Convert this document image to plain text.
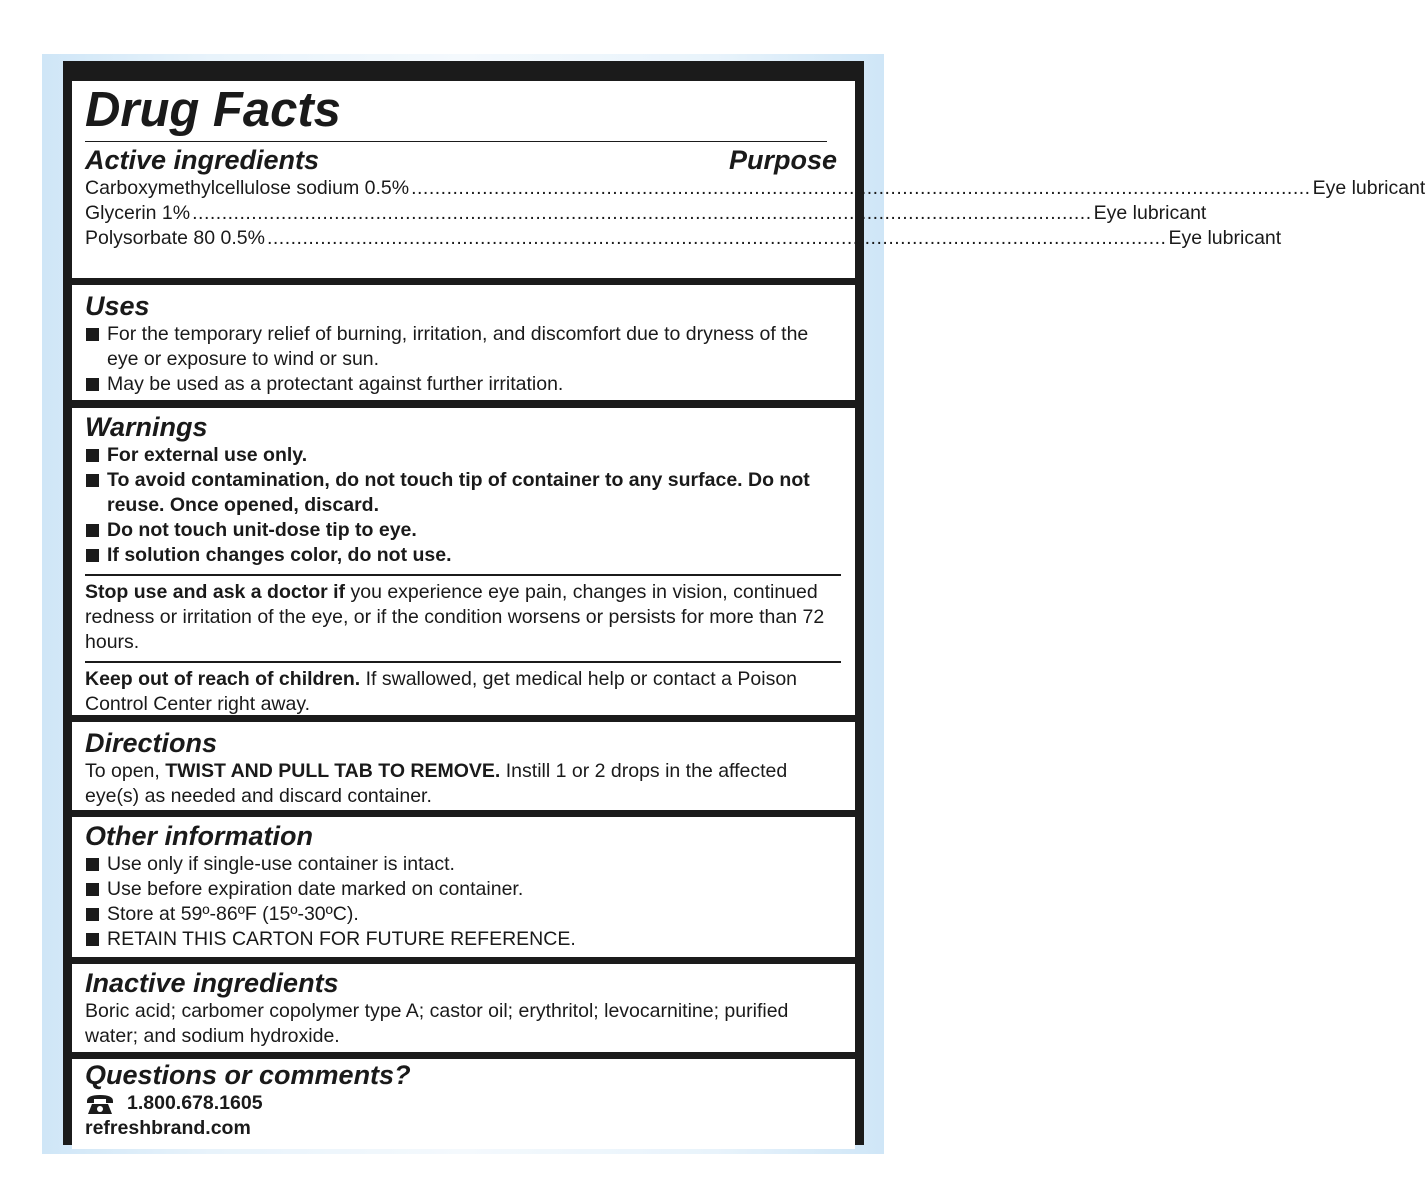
Drug Facts
Active ingredients	Purpose
Carboxymethylcellulose sodium 0.5% ........................................................................................................................................................ Eye lubricant
Glycerin 1% ........................................................................................................................................................ Eye lubricant
Polysorbate 80 0.5% ........................................................................................................................................................ Eye lubricant
Uses
For the temporary relief of burning, irritation, and discomfort due to dryness of the eye or exposure to wind or sun.
May be used as a protectant against further irritation.
Warnings
For external use only.
To avoid contamination, do not touch tip of container to any surface. Do not reuse. Once opened, discard.
Do not touch unit-dose tip to eye.
If solution changes color, do not use.
Stop use and ask a doctor if you experience eye pain, changes in vision, continued redness or irritation of the eye, or if the condition worsens or persists for more than 72 hours.
Keep out of reach of children. If swallowed, get medical help or contact a Poison Control Center right away.
Directions
To open, TWIST AND PULL TAB TO REMOVE. Instill 1 or 2 drops in the affected eye(s) as needed and discard container.
Other information
Use only if single-use container is intact.
Use before expiration date marked on container.
Store at 59º-86ºF (15º-30ºC).
RETAIN THIS CARTON FOR FUTURE REFERENCE.
Inactive ingredients
Boric acid; carbomer copolymer type A; castor oil; erythritol; levocarnitine; purified water; and sodium hydroxide.
Questions or comments?
1.800.678.1605
refreshbrand.com
